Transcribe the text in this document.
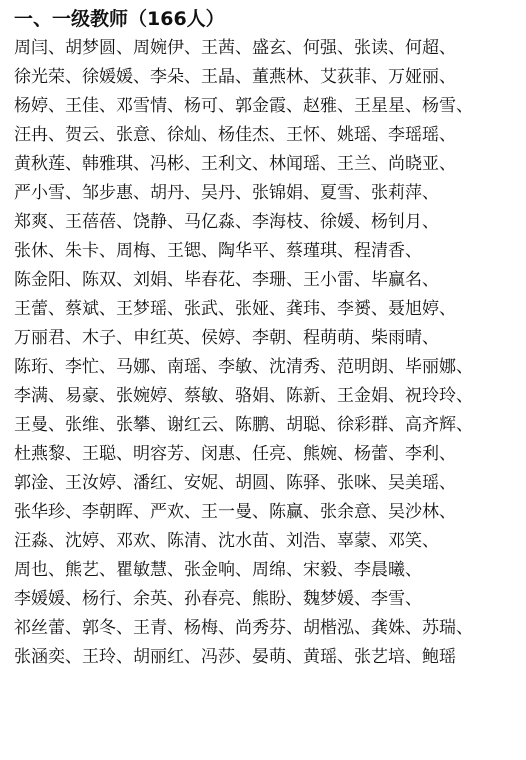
一、一级教师（166人）
周闫、胡梦圆、周婉伊、王茜、盛玄、何强、张读、何超、
徐光荣、徐媛媛、李朵、王晶、董燕林、艾荻菲、万娅丽、
杨婷、王佳、邓雪情、杨可、郭金霞、赵雅、王星星、杨雪、
汪冉、贺云、张意、徐灿、杨佳杰、王怀、姚瑶、李瑶瑶、
黄秋莲、韩雅琪、冯彬、王利文、林闻瑶、王兰、尚晓亚、
严小雪、邹步惠、胡丹、吴丹、张锦娟、夏雪、张莉萍、
郑爽、王蓓蓓、饶静、马亿淼、李海枝、徐媛、杨钊月、
张休、朱卡、周梅、王锶、陶华平、蔡瑾琪、程清香、
陈金阳、陈双、刘娟、毕春花、李珊、王小雷、毕赢名、
王蕾、蔡斌、王梦瑶、张武、张娅、龚玮、李赟、聂旭婷、
万丽君、木子、申红英、侯婷、李朝、程萌萌、柴雨晴、
陈珩、李忙、马娜、南瑶、李敏、沈清秀、范明朗、毕丽娜、
李满、易豪、张婉婷、蔡敏、骆娟、陈新、王金娟、祝玲玲、
王曼、张维、张攀、谢红云、陈鹏、胡聪、徐彩群、高齐辉、
杜燕黎、王聪、明容芳、闵惠、任亮、熊婉、杨蕾、李利、
郭淦、王汝婷、潘红、安妮、胡圆、陈驿、张咪、吴美瑶、
张华珍、李朝晖、严欢、王一曼、陈赢、张余意、吴沙林、
汪淼、沈婷、邓欢、陈清、沈水苗、刘浩、辜蒙、邓笑、
周也、熊艺、瞿敏慧、张金响、周绵、宋毅、李晨曦、
李媛媛、杨行、余英、孙春亮、熊盼、魏梦媛、李雪、
祁丝蕾、郭冬、王青、杨梅、尚秀芬、胡楷泓、龚姝、苏瑞、
张涵奕、王玲、胡丽红、冯莎、晏萌、黄瑶、张艺培、鲍瑶
